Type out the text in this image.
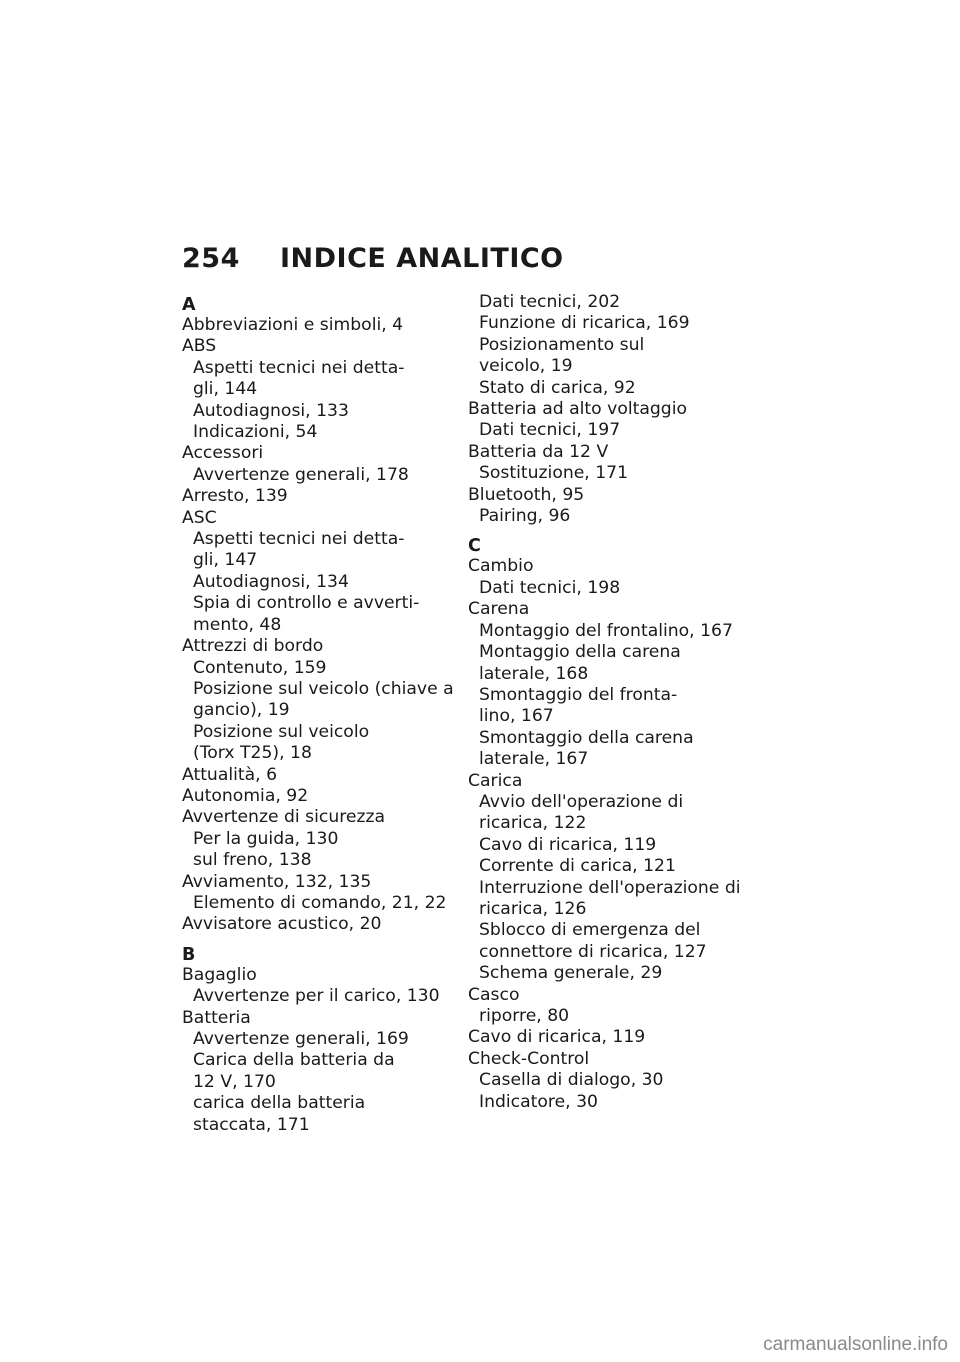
254 INDICE ANALITICO
A
Abbreviazioni e simboli, 4
ABS
Aspetti tecnici nei detta-
gli, 144
Autodiagnosi, 133
Indicazioni, 54
Accessori
Avvertenze generali, 178
Arresto, 139
ASC
Aspetti tecnici nei detta-
gli, 147
Autodiagnosi, 134
Spia di controllo e avverti-
mento, 48
Attrezzi di bordo
Contenuto, 159
Posizione sul veicolo (chiave a
gancio), 19
Posizione sul veicolo
(Torx T25), 18
Attualità, 6
Autonomia, 92
Avvertenze di sicurezza
Per la guida, 130
sul freno, 138
Avviamento, 132, 135
Elemento di comando, 21, 22
Avvisatore acustico, 20
B
Bagaglio
Avvertenze per il carico, 130
Batteria
Avvertenze generali, 169
Carica della batteria da
12 V, 170
carica della batteria
staccata, 171
Dati tecnici, 202
Funzione di ricarica, 169
Posizionamento sul
veicolo, 19
Stato di carica, 92
Batteria ad alto voltaggio
Dati tecnici, 197
Batteria da 12 V
Sostituzione, 171
Bluetooth, 95
Pairing, 96
C
Cambio
Dati tecnici, 198
Carena
Montaggio del frontalino, 167
Montaggio della carena
laterale, 168
Smontaggio del fronta-
lino, 167
Smontaggio della carena
laterale, 167
Carica
Avvio dell'operazione di
ricarica, 122
Cavo di ricarica, 119
Corrente di carica, 121
Interruzione dell'operazione di
ricarica, 126
Sblocco di emergenza del
connettore di ricarica, 127
Schema generale, 29
Casco
riporre, 80
Cavo di ricarica, 119
Check-Control
Casella di dialogo, 30
Indicatore, 30
carmanualsonline.info
